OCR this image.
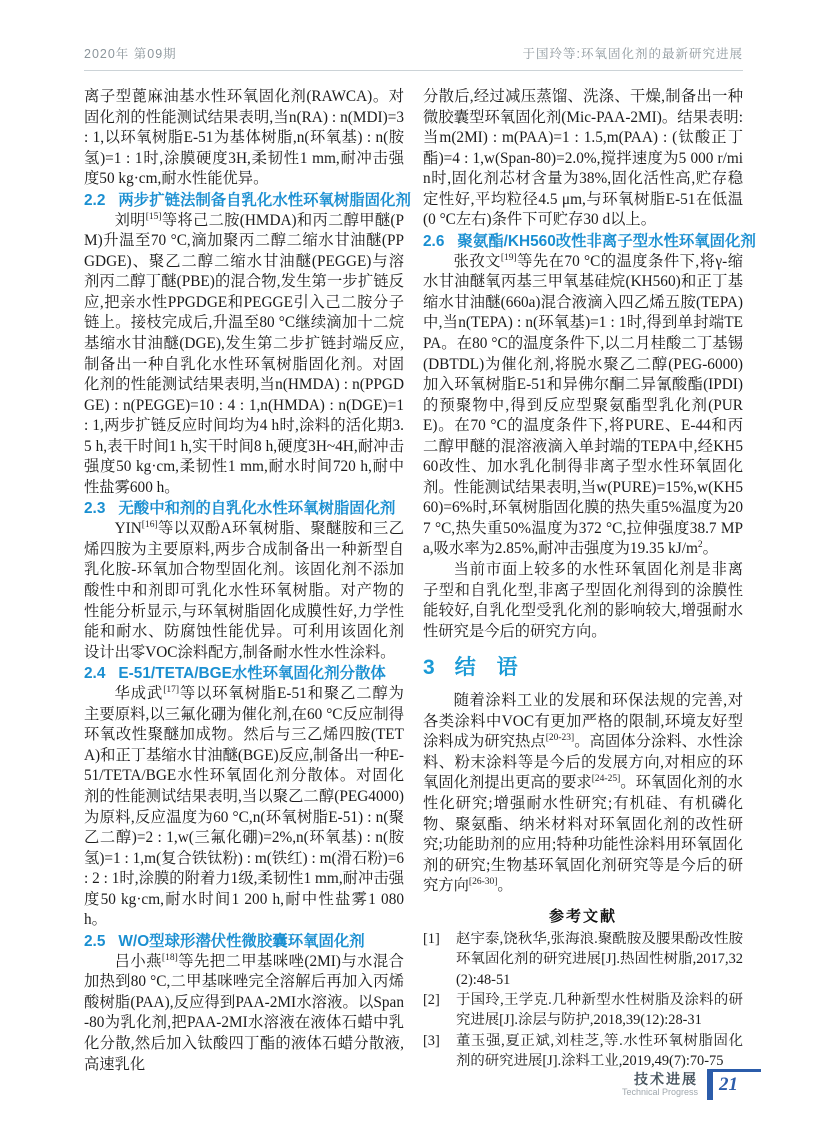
2020年 第09期	于国玲等:环氧固化剂的最新研究进展

离子型蓖麻油基水性环氧固化剂(RAWCA)。对固化剂的性能测试结果表明,当n(RA) : n(MDI)=3 : 1,以环氧树脂E-51为基体树脂,n(环氧基) : n(胺氢)=1 : 1时,涂膜硬度3H,柔韧性1 mm,耐冲击强度50 kg·cm,耐水性能优异。

2.2 两步扩链法制备自乳化水性环氧树脂固化剂

刘明[15]等将己二胺(HMDA)和丙二醇甲醚(PM)升温至70 °C,滴加聚丙二醇二缩水甘油醚(PPGDGE)、聚乙二醇二缩水甘油醚(PEGGE)与溶剂丙二醇丁醚(PBE)的混合物,发生第一步扩链反应,把亲水性PPGDGE和PEGGE引入己二胺分子链上。接枝完成后,升温至80 °C继续滴加十二烷基缩水甘油醚(DGE),发生第二步扩链封端反应,制备出一种自乳化水性环氧树脂固化剂。对固化剂的性能测试结果表明,当n(HMDA) : n(PPGDGE) : n(PEGGE)=10 : 4 : 1,n(HMDA) : n(DGE)=1 : 1,两步扩链反应时间均为4 h时,涂料的活化期3.5 h,表干时间1 h,实干时间8 h,硬度3H~4H,耐冲击强度50 kg·cm,柔韧性1 mm,耐水时间720 h,耐中性盐雾600 h。

2.3 无酸中和剂的自乳化水性环氧树脂固化剂

YIN[16]等以双酚A环氧树脂、聚醚胺和三乙烯四胺为主要原料,两步合成制备出一种新型自乳化胺-环氧加合物型固化剂。该固化剂不添加酸性中和剂即可乳化水性环氧树脂。对产物的性能分析显示,与环氧树脂固化成膜性好,力学性能和耐水、防腐蚀性能优异。可利用该固化剂设计出零VOC涂料配方,制备耐水性水性涂料。

2.4 E-51/TETA/BGE水性环氧固化剂分散体

华成武[17]等以环氧树脂E-51和聚乙二醇为主要原料,以三氟化硼为催化剂,在60 °C反应制得环氧改性聚醚加成物。然后与三乙烯四胺(TETA)和正丁基缩水甘油醚(BGE)反应,制备出一种E-51/TETA/BGE水性环氧固化剂分散体。对固化剂的性能测试结果表明,当以聚乙二醇(PEG4000)为原料,反应温度为60 °C,n(环氧树脂E-51) : n(聚乙二醇)=2 : 1,w(三氟化硼)=2%,n(环氧基) : n(胺氢)=1 : 1,m(复合铁钛粉) : m(铁红) : m(滑石粉)=6 : 2 : 1时,涂膜的附着力1级,柔韧性1 mm,耐冲击强度50 kg·cm,耐水时间1 200 h,耐中性盐雾1 080 h。

2.5 W/O型球形潜伏性微胶囊环氧固化剂

吕小燕[18]等先把二甲基咪唑(2MI)与水混合加热到80 °C,二甲基咪唑完全溶解后再加入丙烯酸树脂(PAA),反应得到PAA-2MI水溶液。以Span-80为乳化剂,把PAA-2MI水溶液在液体石蜡中乳化分散,然后加入钛酸四丁酯的液体石蜡分散液,高速乳化

分散后,经过减压蒸馏、洗涤、干燥,制备出一种微胶囊型环氧固化剂(Mic-PAA-2MI)。结果表明:当m(2MI) : m(PAA)=1 : 1.5,m(PAA) : (钛酸正丁酯)=4 : 1,w(Span-80)=2.0%,搅拌速度为5 000 r/min时,固化剂芯材含量为38%,固化活性高,贮存稳定性好,平均粒径4.5 μm,与环氧树脂E-51在低温(0 °C左右)条件下可贮存30 d以上。

2.6 聚氨酯/KH560改性非离子型水性环氧固化剂

张孜文[19]等先在70 °C的温度条件下,将γ-缩水甘油醚氧丙基三甲氧基硅烷(KH560)和正丁基缩水甘油醚(660a)混合液滴入四乙烯五胺(TEPA)中,当n(TEPA) : n(环氧基)=1 : 1时,得到单封端TEPA。在80 °C的温度条件下,以二月桂酸二丁基锡(DBTDL)为催化剂,将脱水聚乙二醇(PEG-6000)加入环氧树脂E-51和异佛尔酮二异氰酸酯(IPDI)的预聚物中,得到反应型聚氨酯型乳化剂(PURE)。在70 °C的温度条件下,将PURE、E-44和丙二醇甲醚的混溶液滴入单封端的TEPA中,经KH560改性、加水乳化制得非离子型水性环氧固化剂。性能测试结果表明,当w(PURE)=15%,w(KH560)=6%时,环氧树脂固化膜的热失重5%温度为207 °C,热失重50%温度为372 °C,拉伸强度38.7 MPa,吸水率为2.85%,耐冲击强度为19.35 $kJ/m^2$。

当前市面上较多的水性环氧固化剂是非离子型和自乳化型,非离子型固化剂得到的涂膜性能较好,自乳化型受乳化剂的影响较大,增强耐水性研究是今后的研究方向。

3 结　语

随着涂料工业的发展和环保法规的完善,对各类涂料中VOC有更加严格的限制,环境友好型涂料成为研究热点[20-23]。高固体分涂料、水性涂料、粉末涂料等是今后的发展方向,对相应的环氧固化剂提出更高的要求[24-25]。环氧固化剂的水性化研究;增强耐水性研究;有机硅、有机磷化物、聚氨酯、纳米材料对环氧固化剂的改性研究;功能助剂的应用;特种功能性涂料用环氧固化剂的研究;生物基环氧固化剂研究等是今后的研究方向[26-30]。

参考文献
[1] 赵宇泰,饶秋华,张海浪.聚酰胺及腰果酚改性胺环氧固化剂的研究进展[J].热固性树脂,2017,32(2):48-51
[2] 于国玲,王学克.几种新型水性树脂及涂料的研究进展[J].涂层与防护,2018,39(12):28-31
[3] 董玉强,夏正斌,刘桂芝,等.水性环氧树脂固化剂的研究进展[J].涂料工业,2019,49(7):70-75
技术进展
Technical Progress	21
